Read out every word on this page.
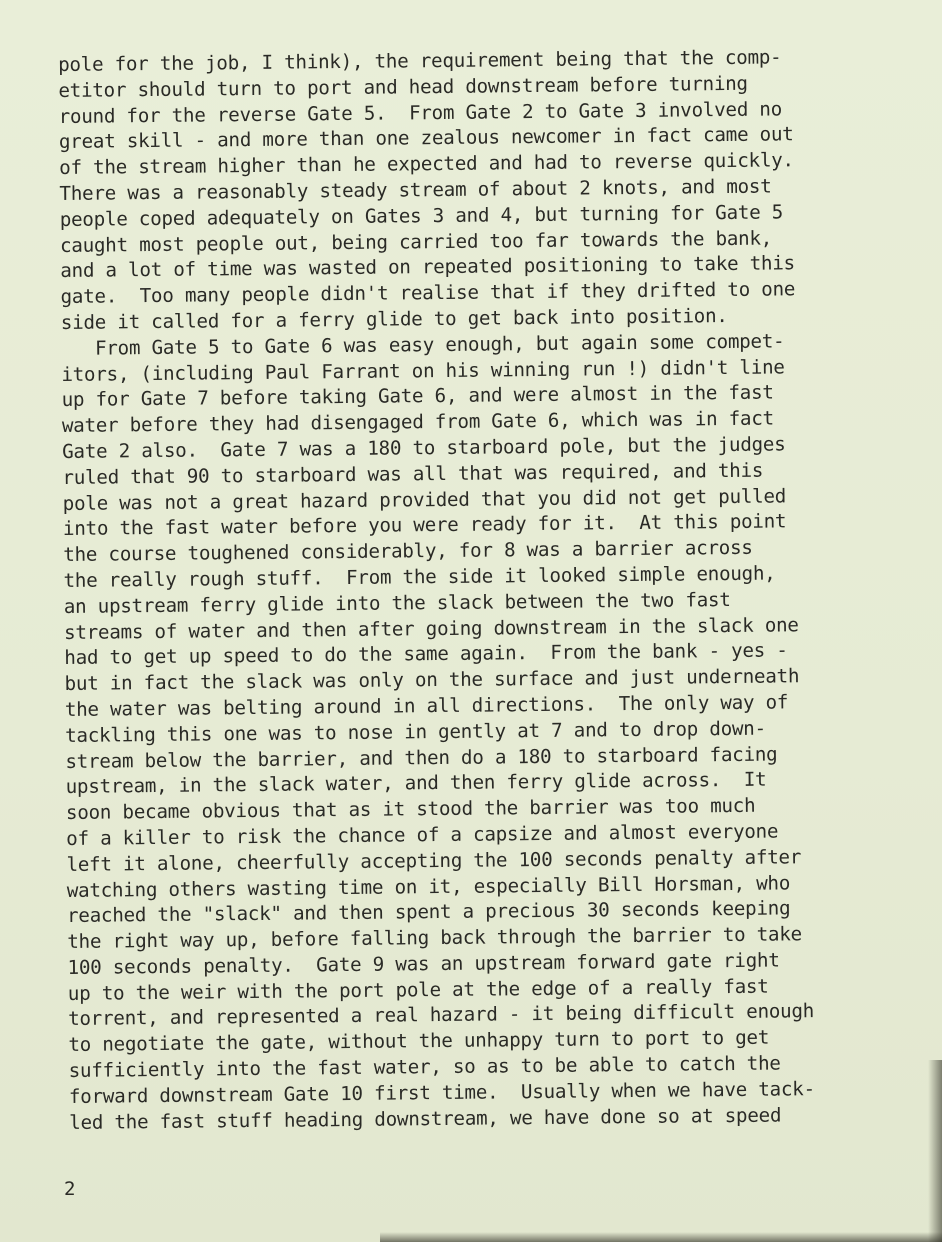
pole for the job, I think), the requirement being that the comp-
etitor should turn to port and head downstream before turning
round for the reverse Gate 5.  From Gate 2 to Gate 3 involved no
great skill - and more than one zealous newcomer in fact came out
of the stream higher than he expected and had to reverse quickly.
There was a reasonably steady stream of about 2 knots, and most
people coped adequately on Gates 3 and 4, but turning for Gate 5
caught most people out, being carried too far towards the bank,
and a lot of time was wasted on repeated positioning to take this
gate.  Too many people didn't realise that if they drifted to one
side it called for a ferry glide to get back into position.
From Gate 5 to Gate 6 was easy enough, but again some compet-
itors, (including Paul Farrant on his winning run !) didn't line
up for Gate 7 before taking Gate 6, and were almost in the fast
water before they had disengaged from Gate 6, which was in fact
Gate 2 also.  Gate 7 was a 180 to starboard pole, but the judges
ruled that 90 to starboard was all that was required, and this
pole was not a great hazard provided that you did not get pulled
into the fast water before you were ready for it.  At this point
the course toughened considerably, for 8 was a barrier across
the really rough stuff.  From the side it looked simple enough,
an upstream ferry glide into the slack between the two fast
streams of water and then after going downstream in the slack one
had to get up speed to do the same again.  From the bank - yes -
but in fact the slack was only on the surface and just underneath
the water was belting around in all directions.  The only way of
tackling this one was to nose in gently at 7 and to drop down-
stream below the barrier, and then do a 180 to starboard facing
upstream, in the slack water, and then ferry glide across.  It
soon became obvious that as it stood the barrier was too much
of a killer to risk the chance of a capsize and almost everyone
left it alone, cheerfully accepting the 100 seconds penalty after
watching others wasting time on it, especially Bill Horsman, who
reached the "slack" and then spent a precious 30 seconds keeping
the right way up, before falling back through the barrier to take
100 seconds penalty.  Gate 9 was an upstream forward gate right
up to the weir with the port pole at the edge of a really fast
torrent, and represented a real hazard - it being difficult enough
to negotiate the gate, without the unhappy turn to port to get
sufficiently into the fast water, so as to be able to catch the
forward downstream Gate 10 first time.  Usually when we have tack-
led the fast stuff heading downstream, we have done so at speed
2
